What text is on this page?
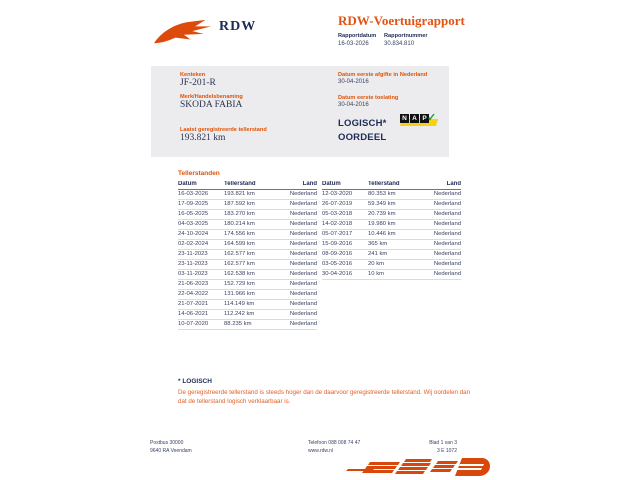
RDW	RDW-Voertuigrapport
Rapportdatum
16-03-2026
Rapportnummer
30.834.810
Kenteken
JF-201-R
Merk/Handelsbenaming
SKODA FABIA
Laatst geregistreerde tellerstand
193.821 km
Datum eerste afgifte in Nederland
30-04-2016
Datum eerste toelating
30-04-2016
LOGISCH*
OORDEEL
N A P ✓
Tellerstanden
Datum	Tellerstand	Land
16-03-2026	193.821 km	Nederland
17-09-2025	187.592 km	Nederland
16-05-2025	183.270 km	Nederland
04-03-2025	180.214 km	Nederland
24-10-2024	174.556 km	Nederland
02-02-2024	164.599 km	Nederland
23-11-2023	162.577 km	Nederland
23-11-2023	162.577 km	Nederland
03-11-2023	162.538 km	Nederland
21-06-2023	152.729 km	Nederland
22-04-2022	131.966 km	Nederland
21-07-2021	114.149 km	Nederland
14-06-2021	112.242 km	Nederland
10-07-2020	88.235 km	Nederland
Datum	Tellerstand	Land
12-03-2020	80.353 km	Nederland
26-07-2019	59.349 km	Nederland
05-03-2018	20.739 km	Nederland
14-02-2018	19.980 km	Nederland
05-07-2017	10.446 km	Nederland
15-09-2016	365 km	Nederland
08-09-2016	241 km	Nederland
03-05-2016	20 km	Nederland
30-04-2016	10 km	Nederland
* LOGISCH
De geregistreerde tellerstand is steeds hoger dan de daarvoor geregistreerde tellerstand. Wij oordelen dan dat de tellerstand logisch verklaarbaar is.
Postbus 30000
9640 RA Veendam
Telefoon 088 008 74 47
www.rdw.nl
Blad 1 van 3
3 E 1072
